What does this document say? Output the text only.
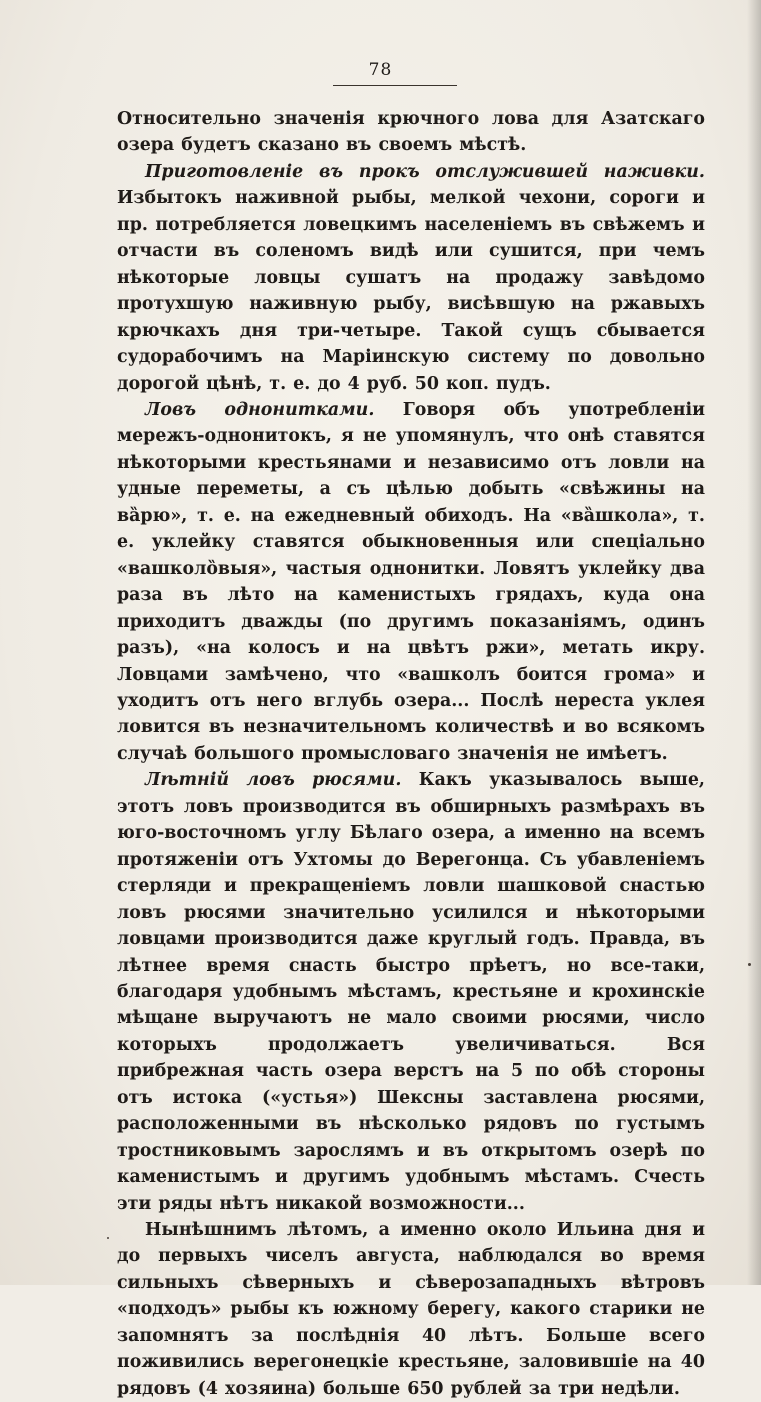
78

Относительно значенія крючного лова для Азатскаго озера будетъ сказано въ своемъ мѣстѣ.

Приготовленіе въ прокъ отслужившей наживки. Избытокъ наживной рыбы, мелкой чехони, сороги и пр. потребляется ловецкимъ населеніемъ въ свѣжемъ и отчасти въ соленомъ видѣ или сушится, при чемъ нѣкоторые ловцы сушатъ на продажу завѣдомо протухшую наживную рыбу, висѣвшую на ржавыхъ крючкахъ дня три-четыре. Такой сущъ сбывается судорабочимъ на Маріинскую систему по довольно дорогой цѣнѣ, т. е. до 4 руб. 50 коп. пудъ.

Ловъ однонитками. Говоря объ употребленіи мережъ-однонитокъ, я не упомянулъ, что онѣ ставятся нѣкоторыми крестьянами и независимо отъ ловли на удные переметы, а съ цѣлью добыть «свѣжины на вȁрю», т. е. на ежедневный обиходъ. На «вȁшкола», т. е. уклейку ставятся обыкновенныя или спеціально «вашколȍвыя», частыя однонитки. Ловятъ уклейку два раза въ лѣто на каменистыхъ грядахъ, куда она приходитъ дважды (по другимъ показаніямъ, одинъ разъ), «на колосъ и на цвѣтъ ржи», метать икру. Ловцами замѣчено, что «вашколъ боится грома» и уходитъ отъ него вглубь озера... Послѣ нереста уклея ловится въ незначительномъ количествѣ и во всякомъ случаѣ большого промысловаго значенія не имѣетъ.

Лѣтній ловъ рюсями. Какъ указывалось выше, этотъ ловъ производится въ обширныхъ размѣрахъ въ юго-восточномъ углу Бѣлаго озера, а именно на всемъ протяженіи отъ Ухтомы до Верегонца. Съ убавленіемъ стерляди и прекращеніемъ ловли шашковой снастью ловъ рюсями значительно усилился и нѣкоторыми ловцами производится даже круглый годъ. Правда, въ лѣтнее время снасть быстро прѣетъ, но все-таки, благодаря удобнымъ мѣстамъ, крестьяне и крохинскіе мѣщане выручаютъ не мало своими рюсями, число которыхъ продолжаетъ увеличиваться. Вся прибрежная часть озера верстъ на 5 по обѣ стороны отъ истока («устья») Шексны заставлена рюсями, расположенными въ нѣсколько рядовъ по густымъ тростниковымъ зарослямъ и въ открытомъ озерѣ по каменистымъ и другимъ удобнымъ мѣстамъ. Счесть эти ряды нѣтъ никакой возможности...

Нынѣшнимъ лѣтомъ, а именно около Ильина дня и до первыхъ чиселъ августа, наблюдался во время сильныхъ сѣверныхъ и сѣверозападныхъ вѣтровъ «подходъ» рыбы къ южному берегу, какого старики не запомнятъ за послѣднія 40 лѣтъ. Больше всего поживились верегонецкіе крестьяне, заловившіе на 40 рядовъ (4 хозяина) больше 650 рублей за три недѣли.
